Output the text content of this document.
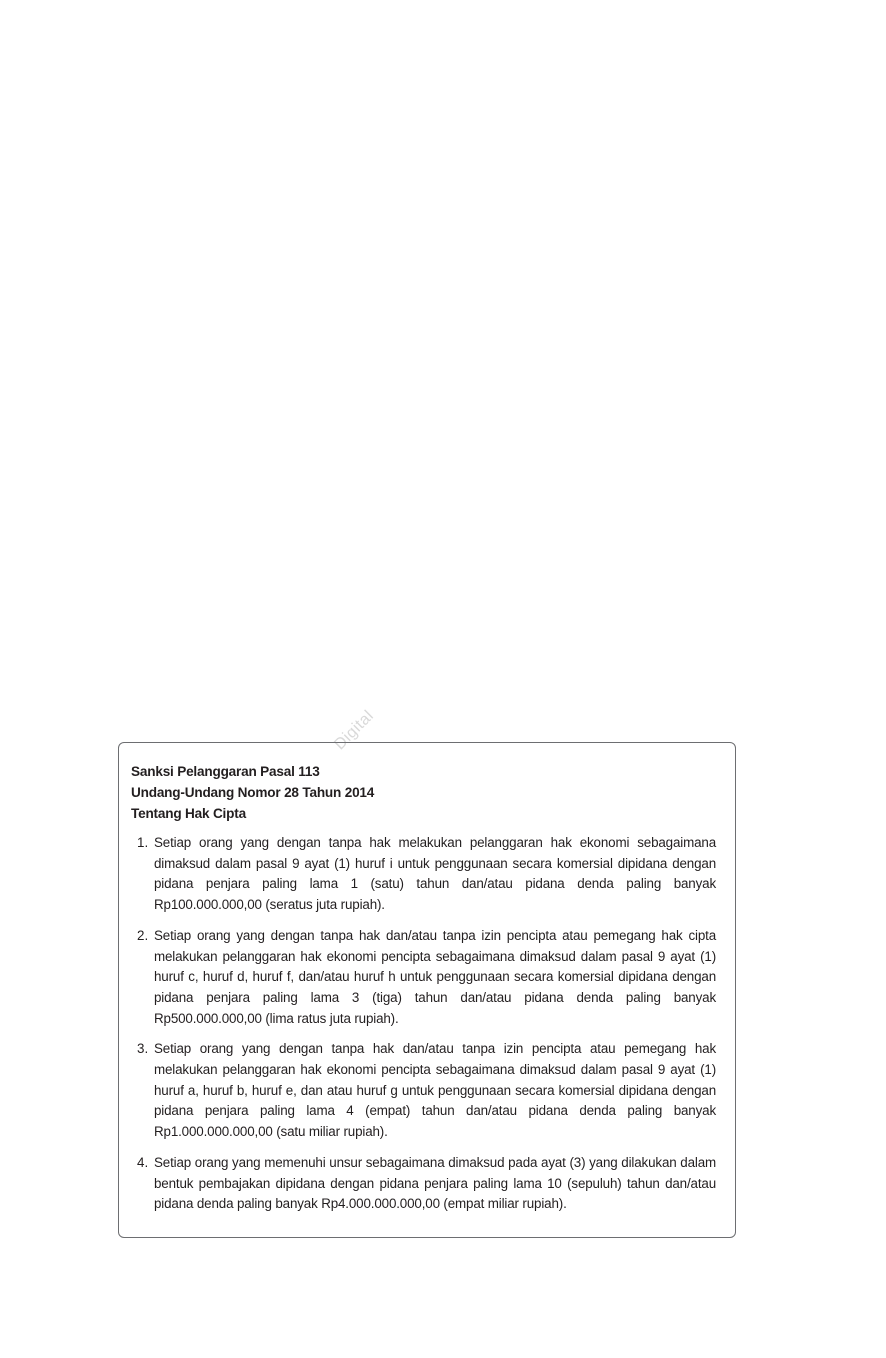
Digital
Sanksi Pelanggaran Pasal 113
Undang-Undang Nomor 28 Tahun 2014
Tentang Hak Cipta
1. Setiap orang yang dengan tanpa hak melakukan pelanggaran hak ekonomi sebagaimana dimaksud dalam pasal 9 ayat (1) huruf i untuk penggunaan secara komersial dipidana dengan pidana penjara paling lama 1 (satu) tahun dan/atau pidana denda paling banyak Rp100.000.000,00 (seratus juta rupiah).
2. Setiap orang yang dengan tanpa hak dan/atau tanpa izin pencipta atau pemegang hak cipta melakukan pelanggaran hak ekonomi pencipta sebagaimana dimaksud dalam pasal 9 ayat (1) huruf c, huruf d, huruf f, dan/atau huruf h untuk penggunaan secara komersial dipidana dengan pidana penjara paling lama 3 (tiga) tahun dan/atau pidana denda paling banyak Rp500.000.000,00 (lima ratus juta rupiah).
3. Setiap orang yang dengan tanpa hak dan/atau tanpa izin pencipta atau pemegang hak melakukan pelanggaran hak ekonomi pencipta sebagaimana dimaksud dalam pasal 9 ayat (1) huruf a, huruf b, huruf e, dan atau huruf g untuk penggunaan secara komersial dipidana dengan pidana penjara paling lama 4 (empat) tahun dan/atau pidana denda paling banyak Rp1.000.000.000,00 (satu miliar rupiah).
4. Setiap orang yang memenuhi unsur sebagaimana dimaksud pada ayat (3) yang dilakukan dalam bentuk pembajakan dipidana dengan pidana penjara paling lama 10 (sepuluh) tahun dan/atau pidana denda paling banyak Rp4.000.000.000,00 (empat miliar rupiah).
